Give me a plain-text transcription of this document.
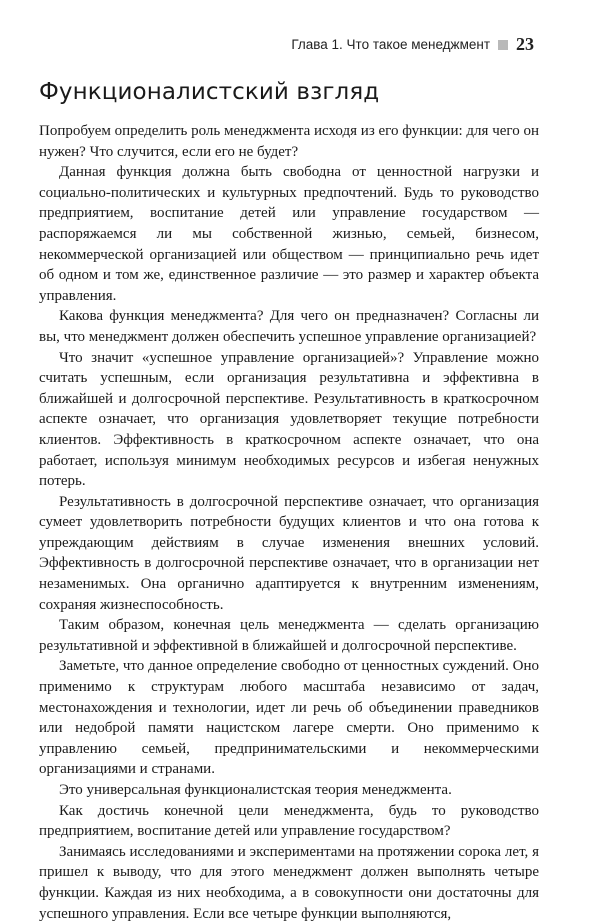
Глава 1. Что такое менеджмент 23
Функционалистский взгляд

Попробуем определить роль менеджмента исходя из его функции: для чего он нужен? Что случится, если его не будет?

Данная функция должна быть свободна от ценностной нагрузки и социально-политических и культурных предпочтений. Будь то руководство предприятием, воспитание детей или управление государством — распоряжаемся ли мы собственной жизнью, семьей, бизнесом, некоммерческой организацией или обществом — принципиально речь идет об одном и том же, единственное различие — это размер и характер объекта управления.

Какова функция менеджмента? Для чего он предназначен? Согласны ли вы, что менеджмент должен обеспечить успешное управление организацией?

Что значит «успешное управление организацией»? Управление можно считать успешным, если организация результативна и эффективна в ближайшей и долгосрочной перспективе. Результативность в краткосрочном аспекте означает, что организация удовлетворяет текущие потребности клиентов. Эффективность в краткосрочном аспекте означает, что она работает, используя минимум необходимых ресурсов и избегая ненужных потерь.

Результативность в долгосрочной перспективе означает, что организация сумеет удовлетворить потребности будущих клиентов и что она готова к упреждающим действиям в случае изменения внешних условий. Эффективность в долгосрочной перспективе означает, что в организации нет незаменимых. Она органично адаптируется к внутренним изменениям, сохраняя жизнеспособность.

Таким образом, конечная цель менеджмента — сделать организацию результативной и эффективной в ближайшей и долгосрочной перспективе.

Заметьте, что данное определение свободно от ценностных суждений. Оно применимо к структурам любого масштаба независимо от задач, местонахождения и технологии, идет ли речь об объединении праведников или недоброй памяти нацистском лагере смерти. Оно применимо к управлению семьей, предпринимательскими и некоммерческими организациями и странами.

Это универсальная функционалистская теория менеджмента.

Как достичь конечной цели менеджмента, будь то руководство предприятием, воспитание детей или управление государством?

Занимаясь исследованиями и экспериментами на протяжении сорока лет, я пришел к выводу, что для этого менеджмент должен выполнять четыре функции. Каждая из них необходима, а в совокупности они достаточны для успешного управления. Если все четыре функции выполняются,
